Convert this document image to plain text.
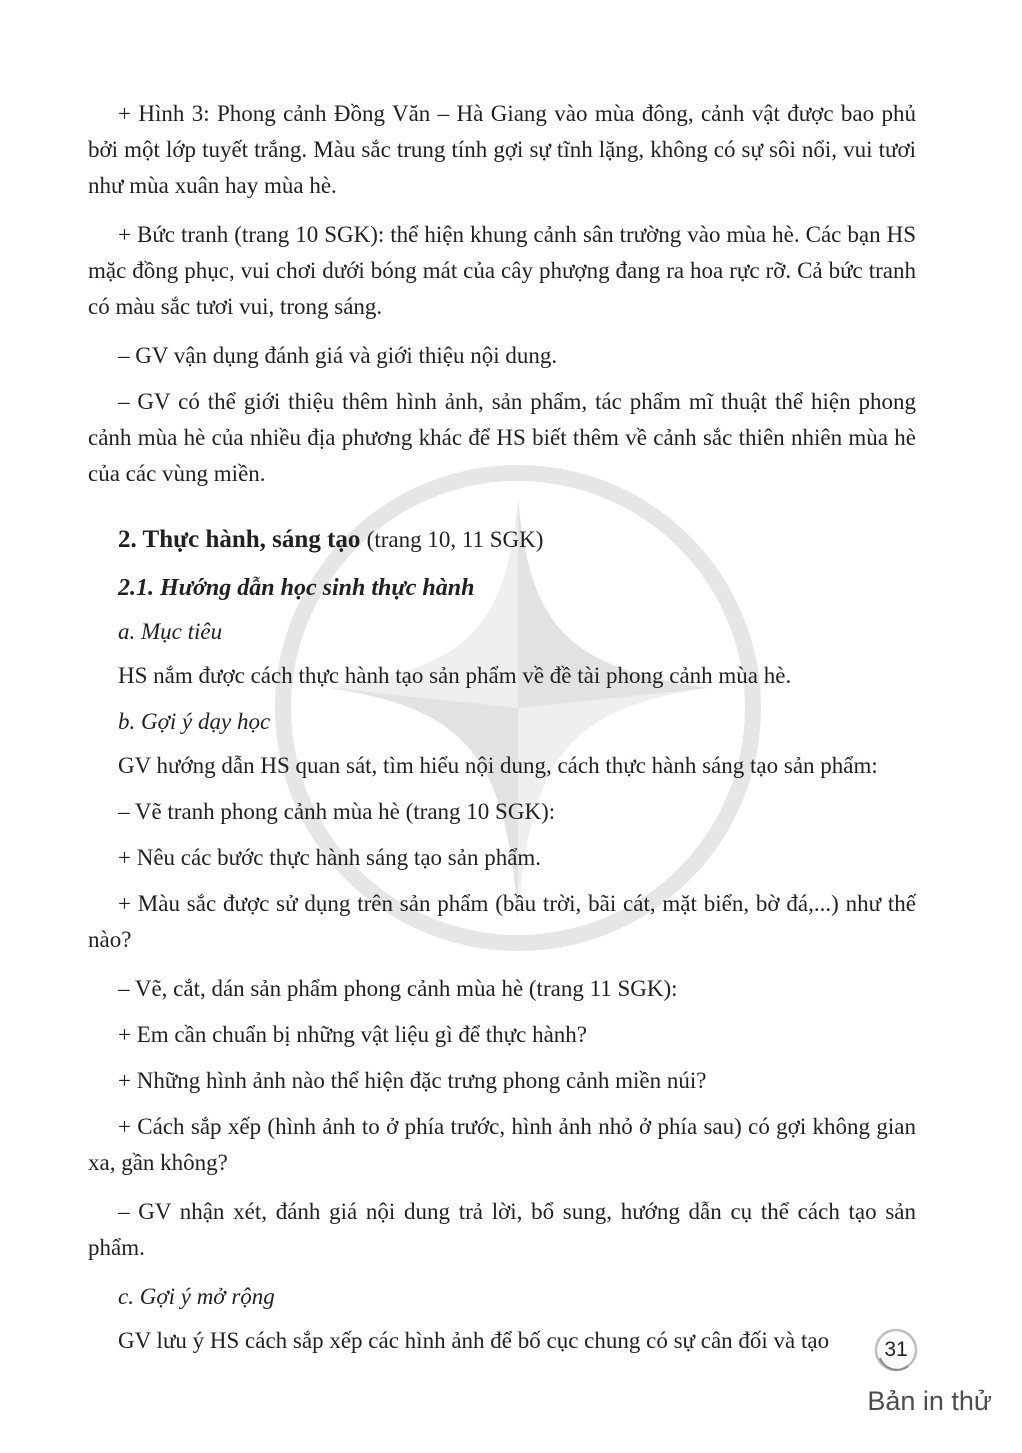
+ Hình 3: Phong cảnh Đồng Văn – Hà Giang vào mùa đông, cảnh vật được bao phủ bởi một lớp tuyết trắng. Màu sắc trung tính gợi sự tĩnh lặng, không có sự sôi nổi, vui tươi như mùa xuân hay mùa hè.

+ Bức tranh (trang 10 SGK): thể hiện khung cảnh sân trường vào mùa hè. Các bạn HS mặc đồng phục, vui chơi dưới bóng mát của cây phượng đang ra hoa rực rỡ. Cả bức tranh có màu sắc tươi vui, trong sáng.

– GV vận dụng đánh giá và giới thiệu nội dung.

– GV có thể giới thiệu thêm hình ảnh, sản phẩm, tác phẩm mĩ thuật thể hiện phong cảnh mùa hè của nhiều địa phương khác để HS biết thêm về cảnh sắc thiên nhiên mùa hè của các vùng miền.

2. Thực hành, sáng tạo (trang 10, 11 SGK)
2.1. Hướng dẫn học sinh thực hành
a. Mục tiêu

HS nắm được cách thực hành tạo sản phẩm về đề tài phong cảnh mùa hè.

b. Gợi ý dạy học

GV hướng dẫn HS quan sát, tìm hiểu nội dung, cách thực hành sáng tạo sản phẩm:

– Vẽ tranh phong cảnh mùa hè (trang 10 SGK):

+ Nêu các bước thực hành sáng tạo sản phẩm.

+ Màu sắc được sử dụng trên sản phẩm (bầu trời, bãi cát, mặt biển, bờ đá,...) như thế nào?

– Vẽ, cắt, dán sản phẩm phong cảnh mùa hè (trang 11 SGK):

+ Em cần chuẩn bị những vật liệu gì để thực hành?

+ Những hình ảnh nào thể hiện đặc trưng phong cảnh miền núi?

+ Cách sắp xếp (hình ảnh to ở phía trước, hình ảnh nhỏ ở phía sau) có gợi không gian xa, gần không?

– GV nhận xét, đánh giá nội dung trả lời, bổ sung, hướng dẫn cụ thể cách tạo sản phẩm.

c. Gợi ý mở rộng

GV lưu ý HS cách sắp xếp các hình ảnh để bố cục chung có sự cân đối và tạo	31
Bản in thử
